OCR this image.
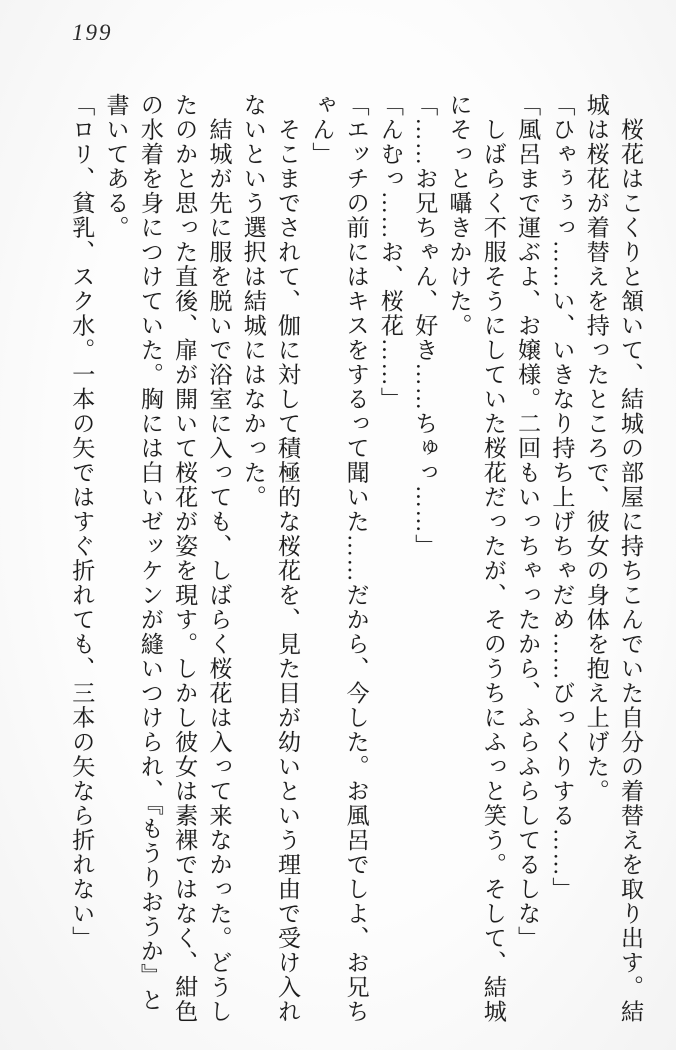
199
　桜花はこくりと頷いて、結城の部屋に持ちこんでいた自分の着替えを取り出す。結
城は桜花が着替えを持ったところで、彼女の身体を抱え上げた。
「ひゃぅぅっ……い、いきなり持ち上げちゃだめ……びっくりする……」
「風呂まで運ぶよ、お嬢様。二回もいっちゃったから、ふらふらしてるしな」
　しばらく不服そうにしていた桜花だったが、そのうちにふっと笑う。そして、結城
にそっと囁きかけた。
「……お兄ちゃん、好き……ちゅっ……」
「んむっ……お、桜花……」
「エッチの前にはキスをするって聞いた……だから、今した。お風呂でしよ、お兄ち
ゃん」
　そこまでされて、伽に対して積極的な桜花を、見た目が幼いという理由で受け入れ
ないという選択は結城にはなかった。
　結城が先に服を脱いで浴室に入っても、しばらく桜花は入って来なかった。どうし
たのかと思った直後、扉が開いて桜花が姿を現す。しかし彼女は素裸ではなく、紺色
の水着を身につけていた。胸には白いゼッケンが縫いつけられ、『もうりおうか』と
書いてある。
「ロリ、貧乳、スク水。一本の矢ではすぐ折れても、三本の矢なら折れない」
